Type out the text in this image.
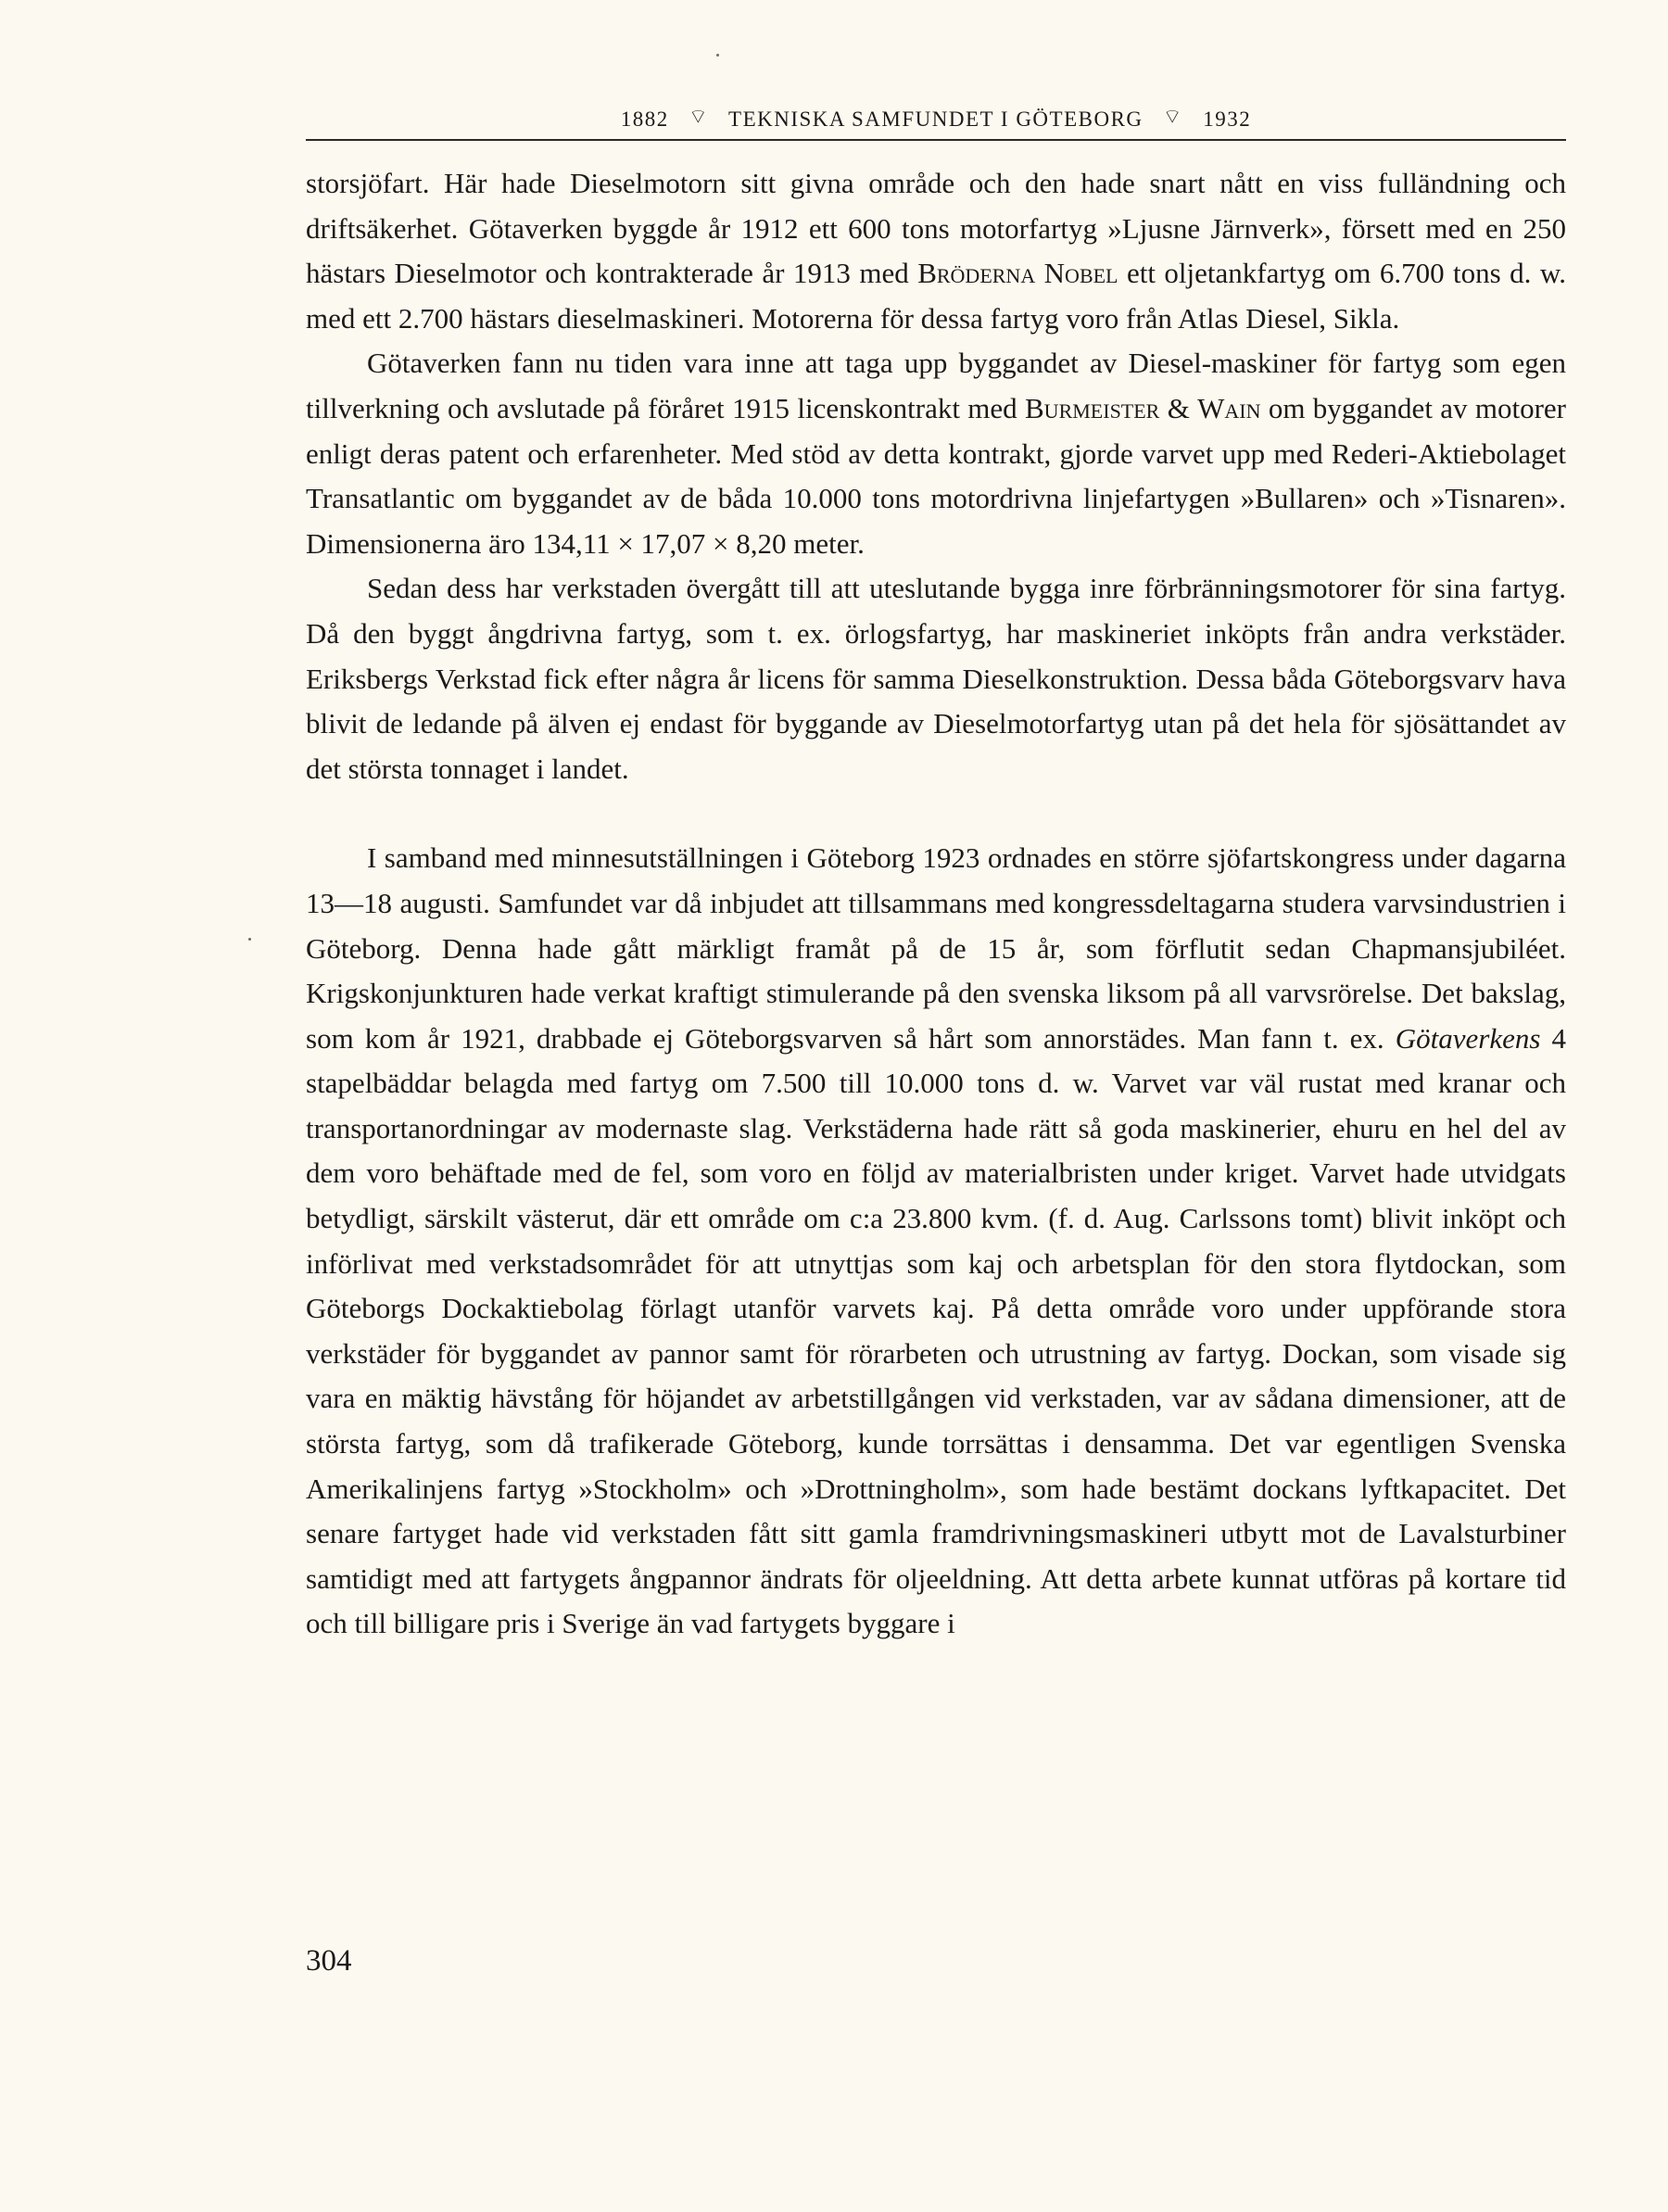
1882 ⌔ TEKNISKA SAMFUNDET I GÖTEBORG ⌔ 1932

storsjöfart. Här hade Dieselmotorn sitt givna område och den hade snart nått en viss fulländning och driftsäkerhet. Götaverken byggde år 1912 ett 600 tons motorfartyg »Ljusne Järnverk», försett med en 250 hästars Dieselmotor och kontrakterade år 1913 med Bröderna Nobel ett oljetankfartyg om 6.700 tons d. w. med ett 2.700 hästars dieselmaskineri. Motorerna för dessa fartyg voro från Atlas Diesel, Sikla.

Götaverken fann nu tiden vara inne att taga upp byggandet av Diesel-maskiner för fartyg som egen tillverkning och avslutade på föråret 1915 licenskontrakt med Burmeister & Wain om byggandet av motorer enligt deras patent och erfarenheter. Med stöd av detta kontrakt, gjorde varvet upp med Rederi-Aktiebolaget Transatlantic om byggandet av de båda 10.000 tons motordrivna linjefartygen »Bullaren» och »Tisnaren». Dimensionerna äro 134,11 × 17,07 × 8,20 meter.

Sedan dess har verkstaden övergått till att uteslutande bygga inre förbränningsmotorer för sina fartyg. Då den byggt ångdrivna fartyg, som t. ex. örlogsfartyg, har maskineriet inköpts från andra verkstäder. Eriksbergs Verkstad fick efter några år licens för samma Dieselkonstruktion. Dessa båda Göteborgsvarv hava blivit de ledande på älven ej endast för byggande av Dieselmotorfartyg utan på det hela för sjösättandet av det största tonnaget i landet.

I samband med minnesutställningen i Göteborg 1923 ordnades en större sjöfartskongress under dagarna 13—18 augusti. Samfundet var då inbjudet att tillsammans med kongressdeltagarna studera varvsindustrien i Göteborg. Denna hade gått märkligt framåt på de 15 år, som förflutit sedan Chapmansjubiléet. Krigskonjunkturen hade verkat kraftigt stimulerande på den svenska liksom på all varvsrörelse. Det bakslag, som kom år 1921, drabbade ej Göteborgsvarven så hårt som annorstädes. Man fann t. ex. Götaverkens 4 stapelbäddar belagda med fartyg om 7.500 till 10.000 tons d. w. Varvet var väl rustat med kranar och transportanordningar av modernaste slag. Verkstäderna hade rätt så goda maskinerier, ehuru en hel del av dem voro behäftade med de fel, som voro en följd av materialbristen under kriget. Varvet hade utvidgats betydligt, särskilt västerut, där ett område om c:a 23.800 kvm. (f. d. Aug. Carlssons tomt) blivit inköpt och införlivat med verkstadsområdet för att utnyttjas som kaj och arbetsplan för den stora flytdockan, som Göteborgs Dockaktiebolag förlagt utanför varvets kaj. På detta område voro under uppförande stora verkstäder för byggandet av pannor samt för rörarbeten och utrustning av fartyg. Dockan, som visade sig vara en mäktig hävstång för höjandet av arbetstillgången vid verkstaden, var av sådana dimensioner, att de största fartyg, som då trafikerade Göteborg, kunde torrsättas i densamma. Det var egentligen Svenska Amerikalinjens fartyg »Stockholm» och »Drottningholm», som hade bestämt dockans lyftkapacitet. Det senare fartyget hade vid verkstaden fått sitt gamla framdrivningsmaskineri utbytt mot de Lavalsturbiner samtidigt med att fartygets ångpannor ändrats för oljeeldning. Att detta arbete kunnat utföras på kortare tid och till billigare pris i Sverige än vad fartygets byggare i

304
